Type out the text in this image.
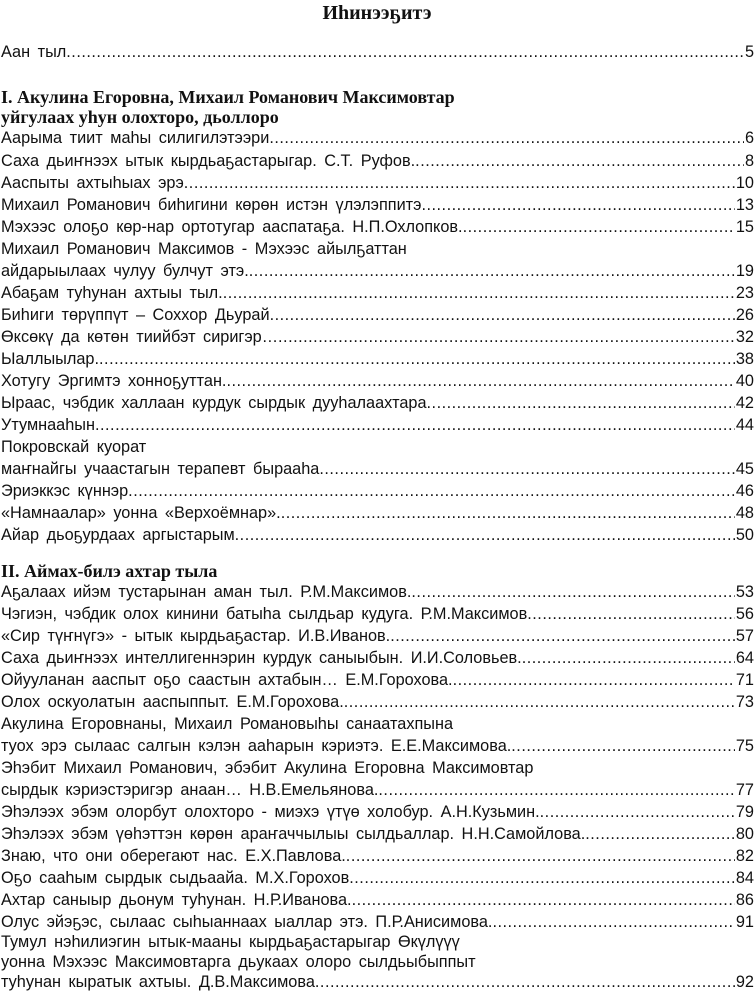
Иһинээҕитэ
Аан тыл .....	5
I. Акулина Егоровна, Михаил Романович Максимовтар
уйгулаах уһун олохторо, дьоллоро
Аарыма тиит маһы силигилэтээри .....	6
Саха дьиҥнээх ытык кырдьаҕастарыгар. С.Т. Руфов. .....	8
Ааспыты ахтыһыах эрэ .....	10
Михаил Романович биһигини көрөн истэн үлэлэппитэ .....	13
Мэхээс олоҕо көр-нар ортотугар ааспатаҕа. Н.П.Охлопков. .....	15
Михаил Романович Максимов - Мэхээс айылҕаттан
айдарыылаах чулуу булчут этэ. .....	19
Абаҕам туһунан ахтыы тыл. .....	23
Биһиги төрүппүт – Соххор Дьурай .....	26
Өксөкү да көтөн тиийбэт сиригэр… .....	32
Ыаллыылар. .....	38
Хотугу Эргимтэ хонноҕуттан. .....	40
Ыраас, чэбдик халлаан курдук сырдык дууһалаахтара .....	42
Утумнааһын .....	44
Покровскай куорат
маҥнайгы учаастагын терапевт бырааһа .....	45
Эриэккэс күннэр .....	46
«Намнаалар» уонна «Верхоёмнар». .....	48
Айар дьоҕурдаах аргыстарым .....	50
II. Аймах-билэ ахтар тыла
Аҕалаах ийэм тустарынан аман тыл. Р.М.Максимов. .....	53
Чэгиэн, чэбдик олох кинини батыһа сылдьар кудуга. Р.М.Максимов .....	56
«Сир түҥнүгэ» - ытык кырдьаҕастар. И.В.Иванов. .....	57
Саха дьиҥнээх интеллигеннэрин курдук саныыбын. И.И.Соловьев. .....	64
Ойууланан ааспыт оҕо саастын ахтабын… Е.М.Горохова. .....	71
Олох оскуолатын ааспыппыт. Е.М.Горохова. .....	73
Акулина Егоровнаны, Михаил Романовыһы санаатахпына
туох эрэ сылаас салгын кэлэн ааһарын кэриэтэ. Е.Е.Максимова. .....	75
Эһэбит Михаил Романович, эбэбит Акулина Егоровна Максимовтар
сырдык кэриэстэригэр анаан… Н.В.Емельянова. .....	77
Эһэлээх эбэм олорбут олохторо - миэхэ үтүө холобур. А.Н.Кузьмин. .....	79
Эһэлээх эбэм үөһэттэн көрөн араҥаччылыы сылдьаллар. Н.Н.Самойлова. .....	80
Знаю, что они оберегают нас. Е.Х.Павлова. .....	82
Оҕо сааһым сырдык сыдьаайа. М.Х.Горохов .....	84
Ахтар саныыр дьонум туһунан. Н.Р.Иванова. .....	86
Олус эйэҕэс, сылаас сыһыаннаах ыаллар этэ. П.Р.Анисимова. .....	91
Тумул нэһилиэгин ытык-мааны кырдьаҕастарыгар Өкүлүүү
уонна Мэхээс Максимовтарга дьукаах олоро сылдьыбыппыт
туһунан кыратык ахтыы. Д.В.Максимова .....	92
